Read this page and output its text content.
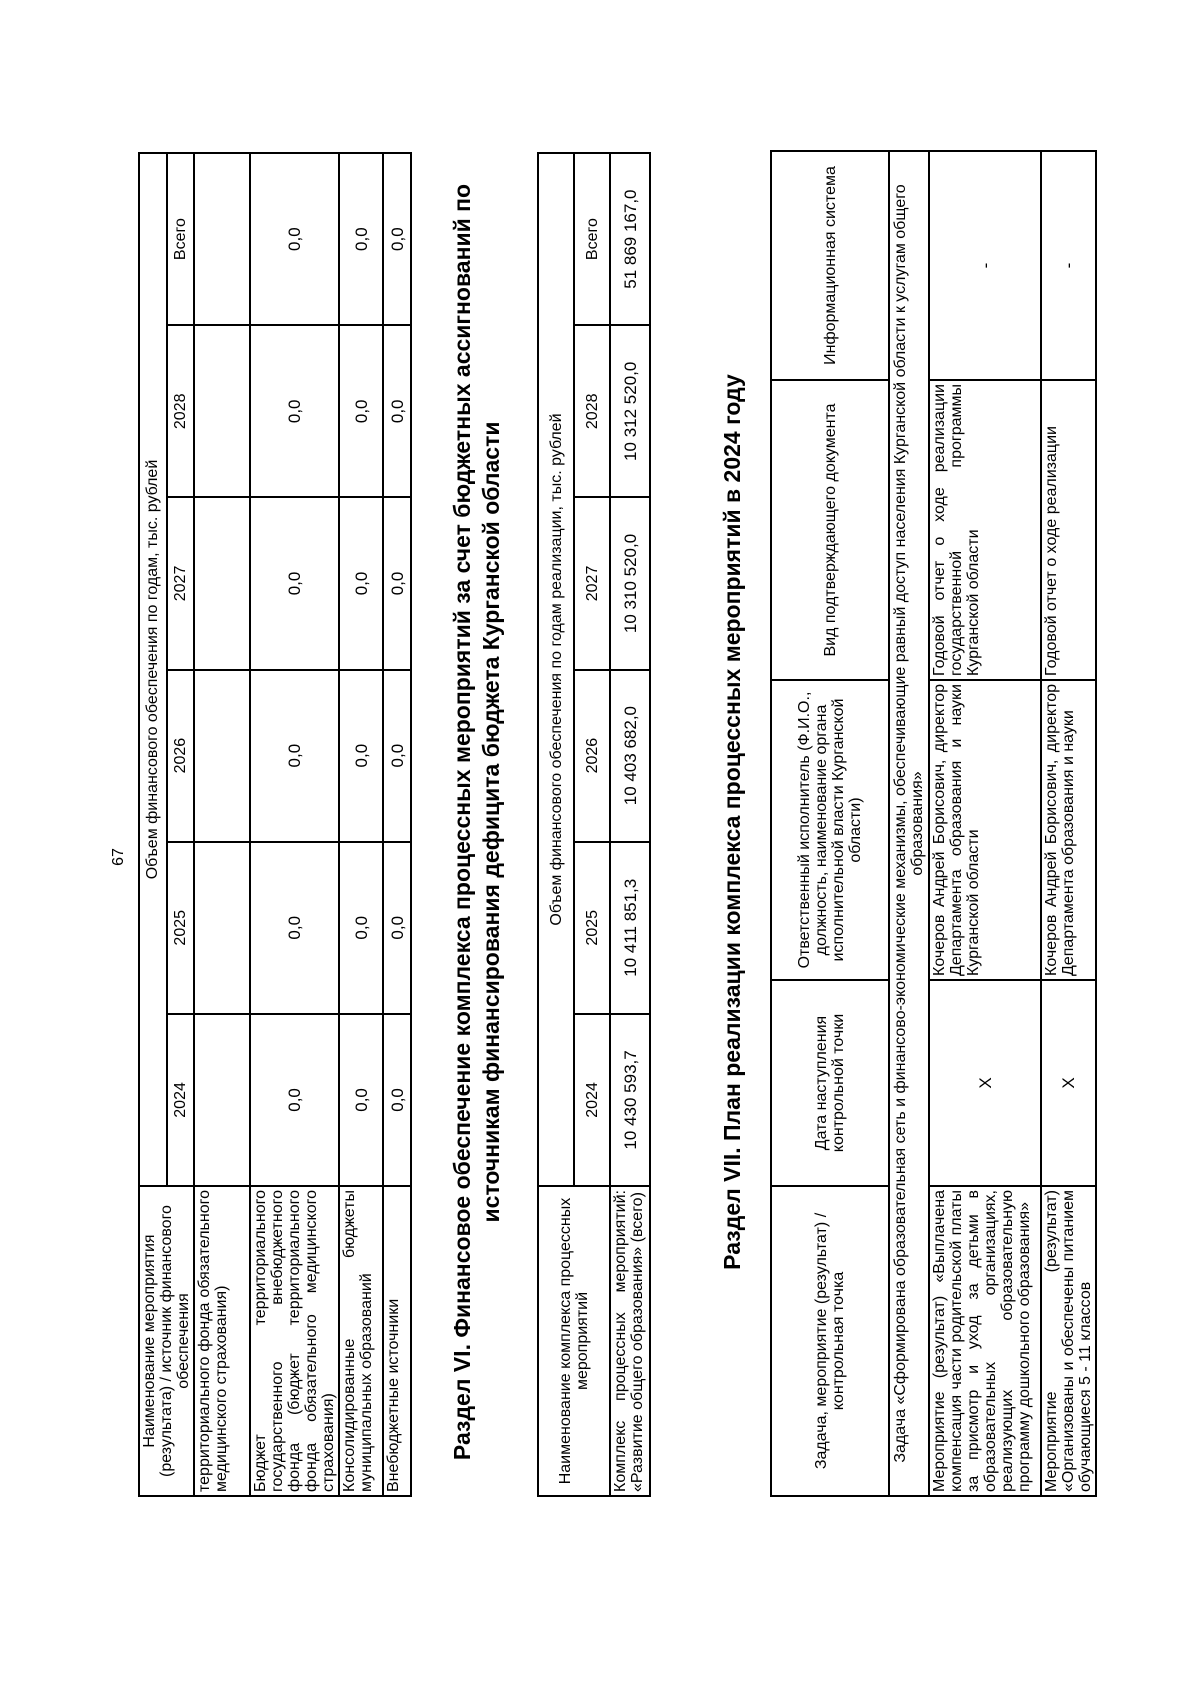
67
Наименование мероприятия (результата) / источник финансового обеспечения	Объем финансового обеспечения по годам, тыс. рублей					
	2024	2025	2026	2027	2028	Всего
территориального фонда обязательного медицинского страхования)						
Бюджет территориального государственного внебюджетного фонда (бюджет территориального фонда обязательного медицинского страхования)	0,0	0,0	0,0	0,0	0,0	0,0
Консолидированные бюджеты муниципальных образований	0,0	0,0	0,0	0,0	0,0	0,0
Внебюджетные источники	0,0	0,0	0,0	0,0	0,0	0,0 Раздел VI. Финансовое обеспечение комплекса процессных мероприятий за счет бюджетных ассигнований по источникам финансирования дефицита бюджета Курганской области
Наименование комплекса процессных мероприятий	Объем финансового обеспечения по годам реализации, тыс. рублей					
	2024	2025	2026	2027	2028	Всего
Комплекс процессных мероприятий: «Развитие общего образования» (всего)	10 430 593,7	10 411 851,3	10 403 682,0	10 310 520,0	10 312 520,0	51 869 167,0
Раздел VII. План реализации комплекса процессных мероприятий в 2024 году
Задача, мероприятие (результат) / контрольная точка	Дата наступления контрольной точки	Ответственный исполнитель (Ф.И.О., должность, наименование органа исполнительной власти Курганской области)	Вид подтверждающего документа	Информационная система
Задача «Сформирована образовательная сеть и финансово-экономические механизмы, обеспечивающие равный доступ населения Курганской области к услугам общего образования»				
Мероприятие (результат) «Выплачена компенсация части родительской платы за присмотр и уход за детьми в образовательных организациях, реализующих образовательную программу дошкольного образования»	Х	Кочеров Андрей Борисович, директор Департамента образования и науки Курганской области	Годовой отчет о ходе реализации государственной программы Курганской области	-
Мероприятие (результат) «Организованы и обеспечены питанием обучающиеся 5 - 11 классов	Х	Кочеров Андрей Борисович, директор Департамента образования и науки	Годовой отчет о ходе реализации	-
